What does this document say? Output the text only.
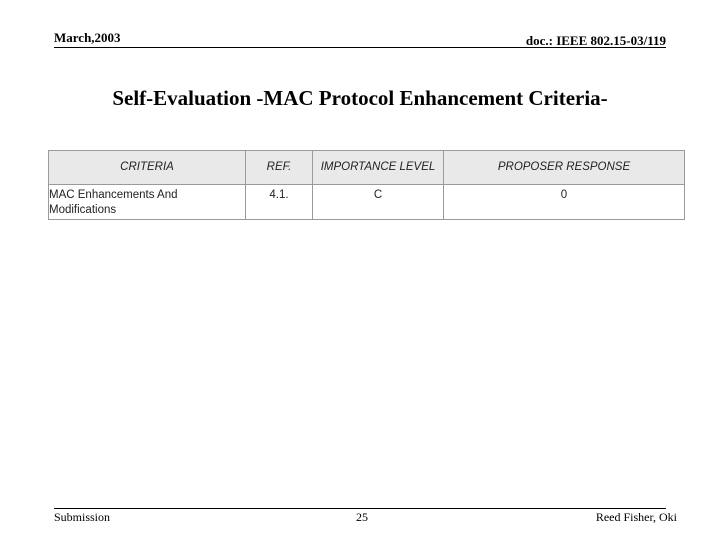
March,2003	doc.: IEEE 802.15-03/119
Self-Evaluation -MAC Protocol Enhancement Criteria-
CRITERIA	REF.	IMPORTANCE LEVEL	PROPOSER RESPONSE
MAC Enhancements And Modifications	4.1.	C	0
Submission	25	Reed Fisher, Oki
